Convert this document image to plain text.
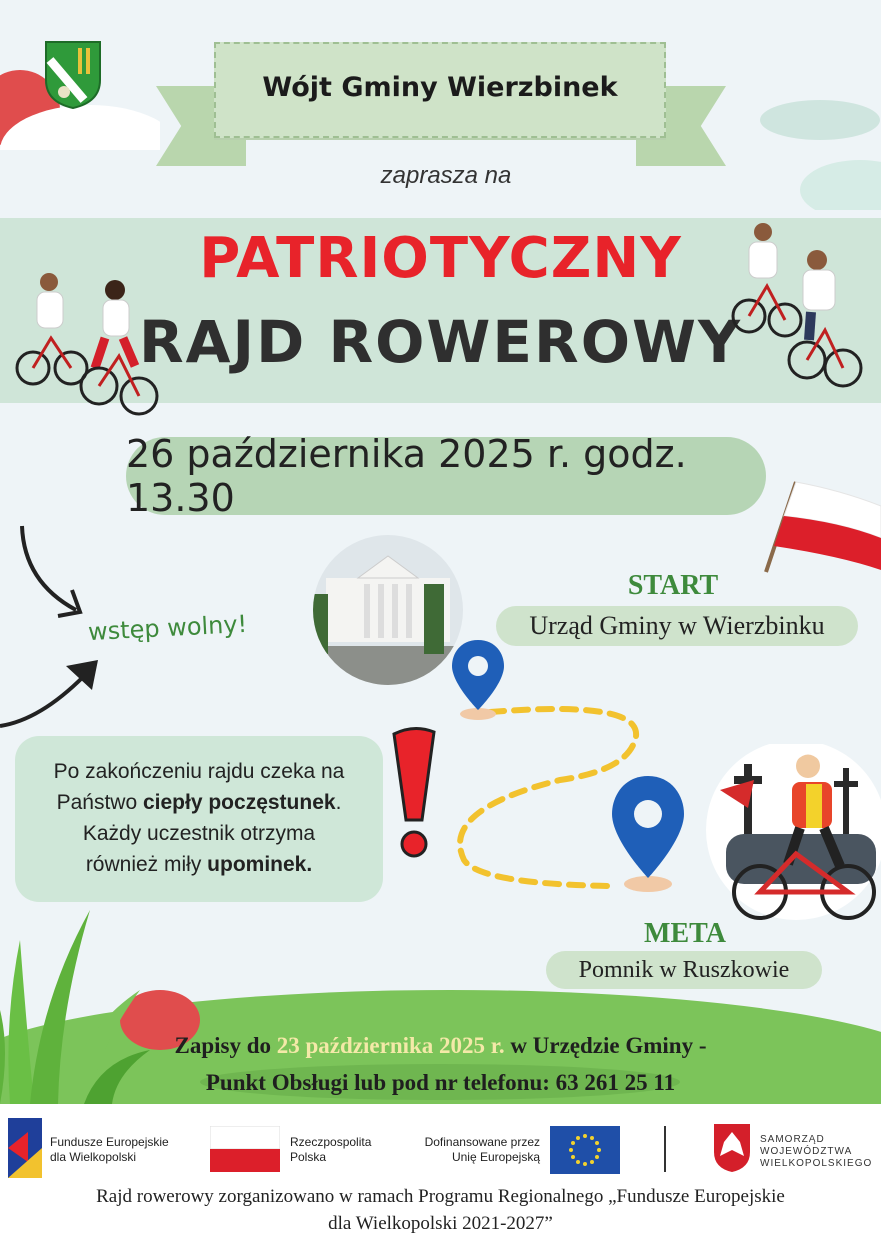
Wójt Gminy Wierzbinek
zaprasza na
PATRIOTYCZNY
RAJD ROWEROWY
26 października 2025 r. godz. 13.30
wstęp wolny!
START
Urząd Gminy w Wierzbinku
META
Pomnik w Ruszkowie
Po zakończeniu rajdu czeka na
Państwo ciepły poczęstunek.
Każdy uczestnik otrzyma
również miły upominek.
Zapisy do 23 października 2025 r. w Urzędzie Gminy -
Punkt Obsługi lub pod nr telefonu: 63 261 25 11
Fundusze Europejskie
dla Wielkopolski
Rzeczpospolita
Polska
Dofinansowane przez
Unię Europejską
SAMORZĄD
WOJEWÓDZTWA
WIELKOPOLSKIEGO
Rajd rowerowy zorganizowano w ramach Programu Regionalnego „Fundusze Europejskie
dla Wielkopolski 2021-2027”
